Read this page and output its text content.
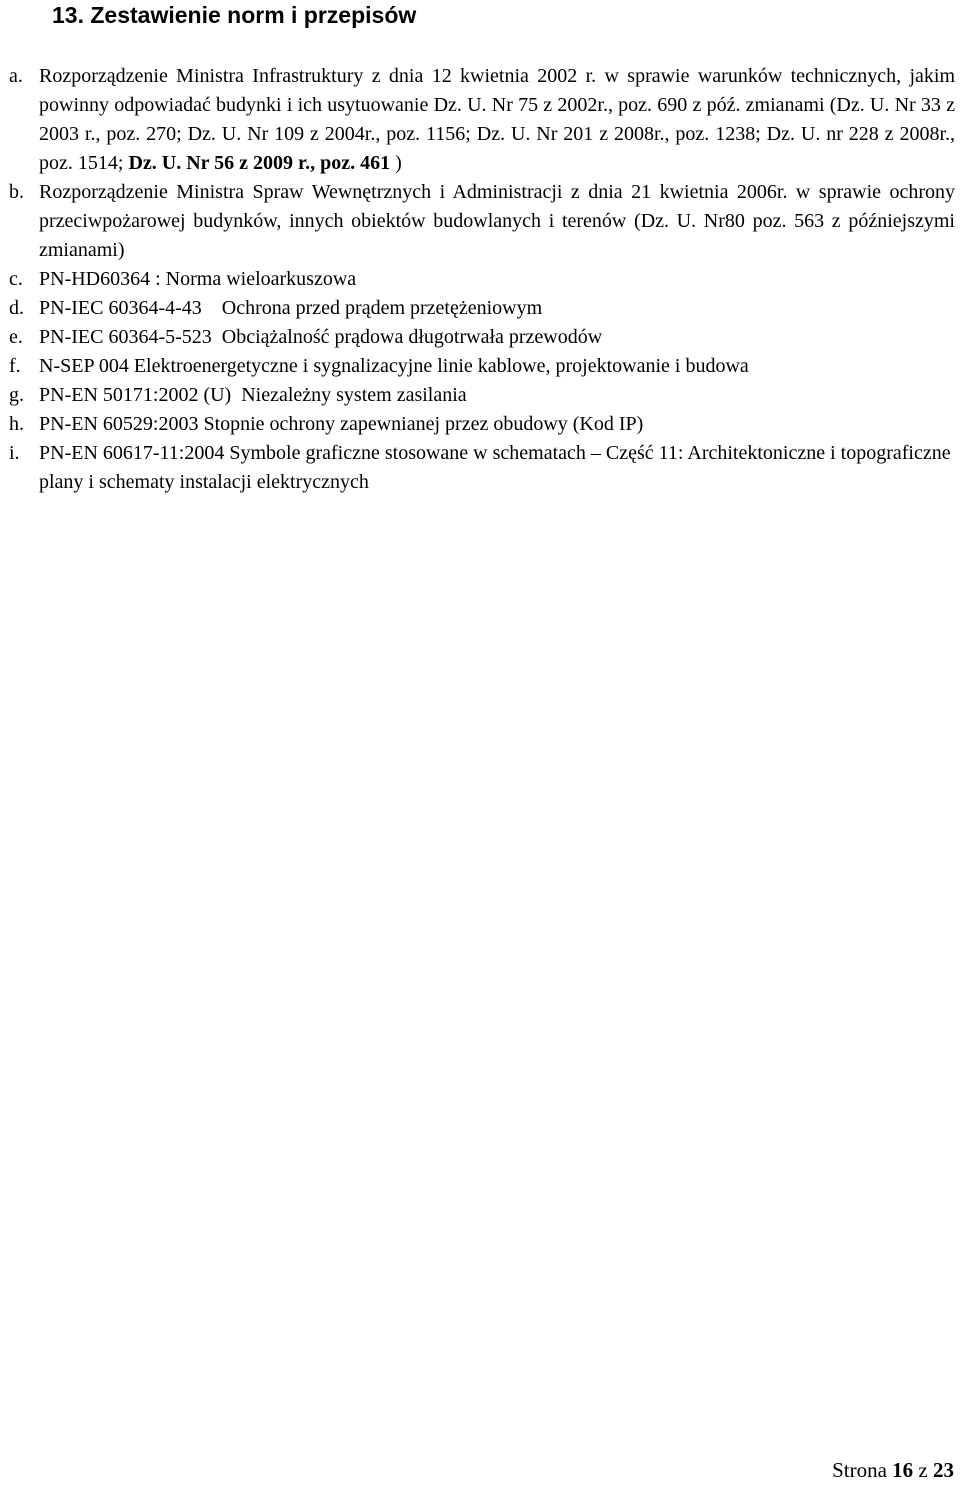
13. Zestawienie norm i przepisów
a. Rozporządzenie Ministra Infrastruktury z dnia 12 kwietnia 2002 r. w sprawie warunków technicznych, jakim powinny odpowiadać budynki i ich usytuowanie Dz. U. Nr 75 z 2002r., poz. 690 z póź. zmianami (Dz. U. Nr 33 z 2003 r., poz. 270; Dz. U. Nr 109 z 2004r., poz. 1156; Dz. U. Nr 201 z 2008r., poz. 1238; Dz. U. nr 228 z 2008r., poz. 1514; Dz. U. Nr 56 z 2009 r., poz. 461 )
b. Rozporządzenie Ministra Spraw Wewnętrznych i Administracji z dnia 21 kwietnia 2006r. w sprawie ochrony przeciwpożarowej budynków, innych obiektów budowlanych i terenów (Dz. U. Nr80 poz. 563 z późniejszymi zmianami)
c. PN-HD60364 : Norma wieloarkuszowa
d. PN-IEC 60364-4-43    Ochrona przed prądem przetężeniowym
e. PN-IEC 60364-5-523  Obciążalność prądowa długotrwała przewodów
f. N-SEP 004 Elektroenergetyczne i sygnalizacyjne linie kablowe, projektowanie i budowa
g. PN-EN 50171:2002 (U)  Niezależny system zasilania
h. PN-EN 60529:2003 Stopnie ochrony zapewnianej przez obudowy (Kod IP)
i. PN-EN 60617-11:2004 Symbole graficzne stosowane w schematach – Część 11: Architektoniczne i topograficzne plany i schematy instalacji elektrycznych
Strona 16 z 23
